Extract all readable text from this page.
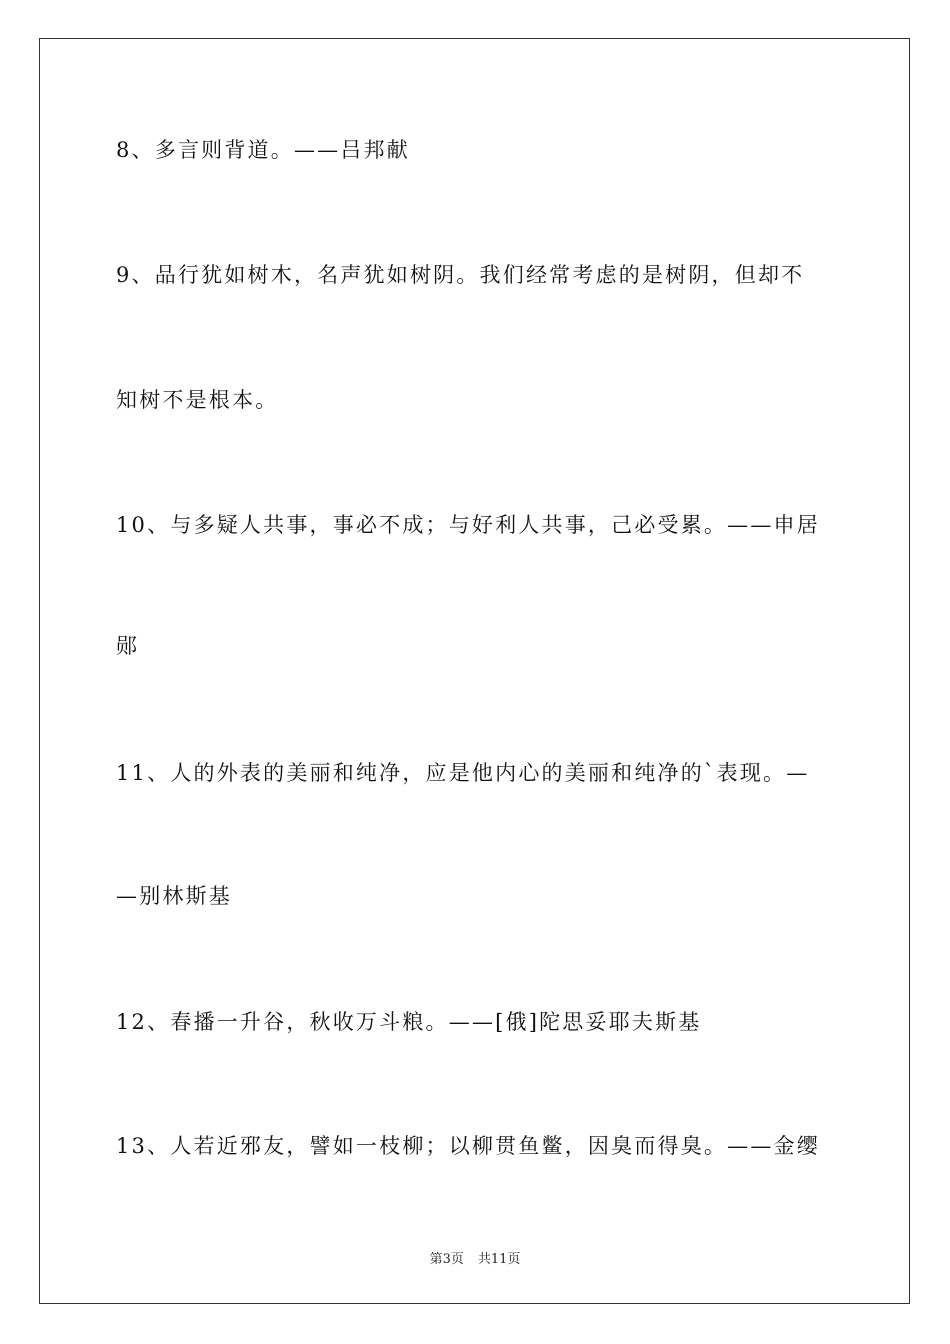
8、多言则背道。——吕邦献
9、品行犹如树木，名声犹如树阴。我们经常考虑的是树阴，但却不
知树不是根本。
10、与多疑人共事，事必不成；与好利人共事，己必受累。——申居
郧
11、人的外表的美丽和纯净，应是他内心的美丽和纯净的`表现。—
—别林斯基
12、春播一升谷，秋收万斗粮。——[俄]陀思妥耶夫斯基
13、人若近邪友，譬如一枝柳；以柳贯鱼鳖，因臭而得臭。——金缨
第3页 共11页
